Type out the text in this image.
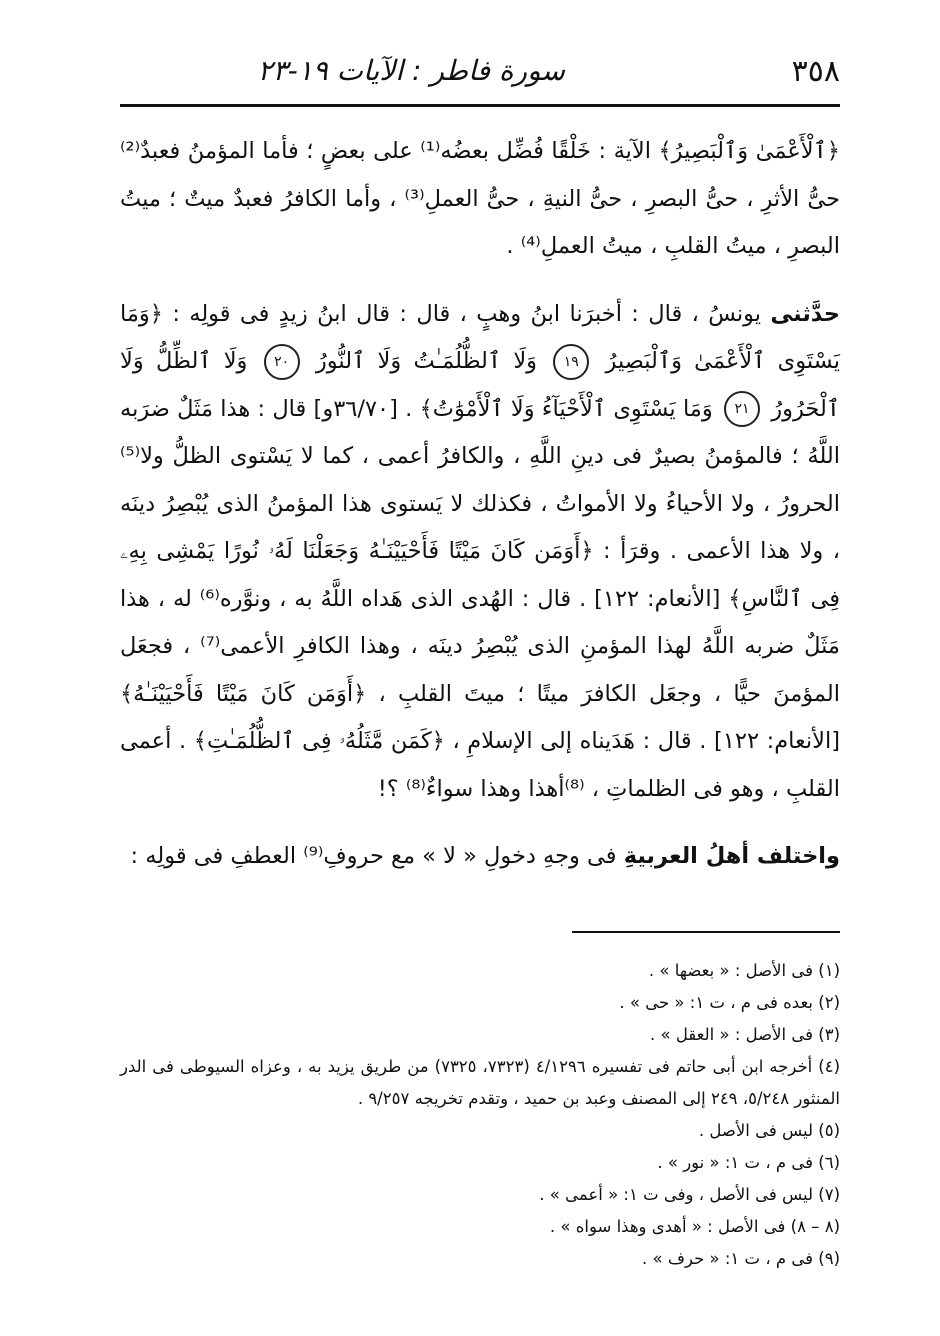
٣٥٨
سورة فاطر : الآيات ١٩-٢٣

﴿ٱلْأَعْمَىٰ وَٱلْبَصِيرُ﴾ الآية : خَلْقًا فُضِّل بعضُه⁽¹⁾ على بعضٍ ؛ فأما المؤمنُ فعبدٌ⁽²⁾ حىُّ الأثرِ ، حىُّ البصرِ ، حىُّ النيةِ ، حىُّ العملِ⁽³⁾ ، وأما الكافرُ فعبدٌ ميتٌ ؛ ميتُ البصرِ ، ميتُ القلبِ ، ميتُ العملِ⁽⁴⁾ .

حدَّثنى يونسُ ، قال : أخبرَنا ابنُ وهبٍ ، قال : قال ابنُ زيدٍ فى قولِه : ﴿وَمَا يَسْتَوِى ٱلْأَعْمَىٰ وَٱلْبَصِيرُ ١٩ وَلَا ٱلظُّلُمَـٰتُ وَلَا ٱلنُّورُ ٢٠ وَلَا ٱلظِّلُّ وَلَا ٱلْحَرُورُ ٢١ وَمَا يَسْتَوِى ٱلْأَحْيَآءُ وَلَا ٱلْأَمْوَٰتُ﴾ . [٣٦/٧٠و] قال : هذا مَثَلٌ ضرَبه اللَّهُ ؛ فالمؤمنُ بصيرٌ فى دينِ اللَّهِ ، والكافرُ أعمى ، كما لا يَسْتوى الظلُّ ولا⁽⁵⁾ الحرورُ ، ولا الأحياءُ ولا الأمواتُ ، فكذلك لا يَستوى هذا المؤمنُ الذى يُبْصِرُ دينَه ، ولا هذا الأعمى . وقرَأ : ﴿أَوَمَن كَانَ مَيْتًا فَأَحْيَيْنَـٰهُ وَجَعَلْنَا لَهُۥ نُورًا يَمْشِى بِهِۦ فِى ٱلنَّاسِ﴾ [الأنعام: ١٢٢] . قال : الهُدى الذى هَداه اللَّهُ به ، ونوَّره⁽⁶⁾ له ، هذا مَثَلٌ ضربه اللَّهُ لهذا المؤمنِ الذى يُبْصِرُ دينَه ، وهذا الكافرِ الأعمى⁽⁷⁾ ، فجعَل المؤمنَ حيًّا ، وجعَل الكافرَ ميتًا ؛ ميتَ القلبِ ، ﴿أَوَمَن كَانَ مَيْتًا فَأَحْيَيْنَـٰهُ﴾ [الأنعام: ١٢٢] . قال : هَدَيناه إلى الإسلامِ ، ﴿كَمَن مَّثَلُهُۥ فِى ٱلظُّلُمَـٰتِ﴾ . أعمى القلبِ ، وهو فى الظلماتِ ، ⁽⁸⁾أهذا وهذا سواءٌ⁽⁸⁾ ؟!

واختلف أهلُ العربيةِ فى وجهِ دخولِ « لا » مع حروفِ⁽⁹⁾ العطفِ فى قولِه :

(١) فى الأصل : « بعضها » .

(٢) بعده فى م ، ت ١: « حى » .

(٣) فى الأصل : « العقل » .

(٤) أخرجه ابن أبى حاتم فى تفسيره ٤/١٢٩٦ (٧٣٢٣، ٧٣٢٥) من طريق يزيد به ، وعزاه السيوطى فى الدر المنثور ٥/٢٤٨، ٢٤٩ إلى المصنف وعبد بن حميد ، وتقدم تخريجه ٩/٢٥٧ .

(٥) ليس فى الأصل .

(٦) فى م ، ت ١: « نور » .

(٧) ليس فى الأصل ، وفى ت ١: « أعمى » .

(٨ – ٨) فى الأصل : « أهدى وهذا سواه » .

(٩) فى م ، ت ١: « حرف » .
